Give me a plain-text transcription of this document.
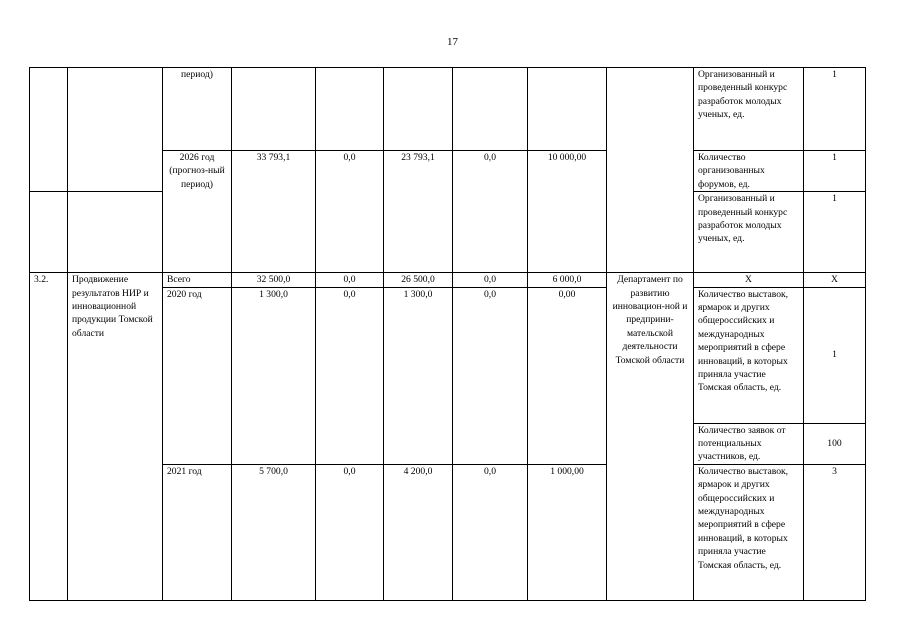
17
		период)							Организованный и проведенный конкурс разработок молодых ученых, ед.	1
		2026 год (прогноз-ный период)	33 793,1	0,0	23 793,1	0,0	10 000,00		Количество организованных форумов, ед.	1
									Организованный и проведенный конкурс разработок молодых ученых, ед.	1
3.2.	Продвижение результатов НИР и инновационной продукции Томской области	Всего	32 500,0	0,0	26 500,0	0,0	6 000,0	Департамент по развитию инновацион-ной и предприни-мательской деятельности Томской области	Х	Х
		2020 год	1 300,0	0,0	1 300,0	0,0	0,00		Количество выставок, ярмарок и других общероссийских и международных мероприятий в сфере инноваций, в которых приняла участие Томская область, ед.	1
									Количество заявок от потенциальных участников, ед.	100
		2021 год	5 700,0	0,0	4 200,0	0,0	1 000,00		Количество выставок, ярмарок и других общероссийских и международных мероприятий в сфере инноваций, в которых приняла участие Томская область, ед.	3
